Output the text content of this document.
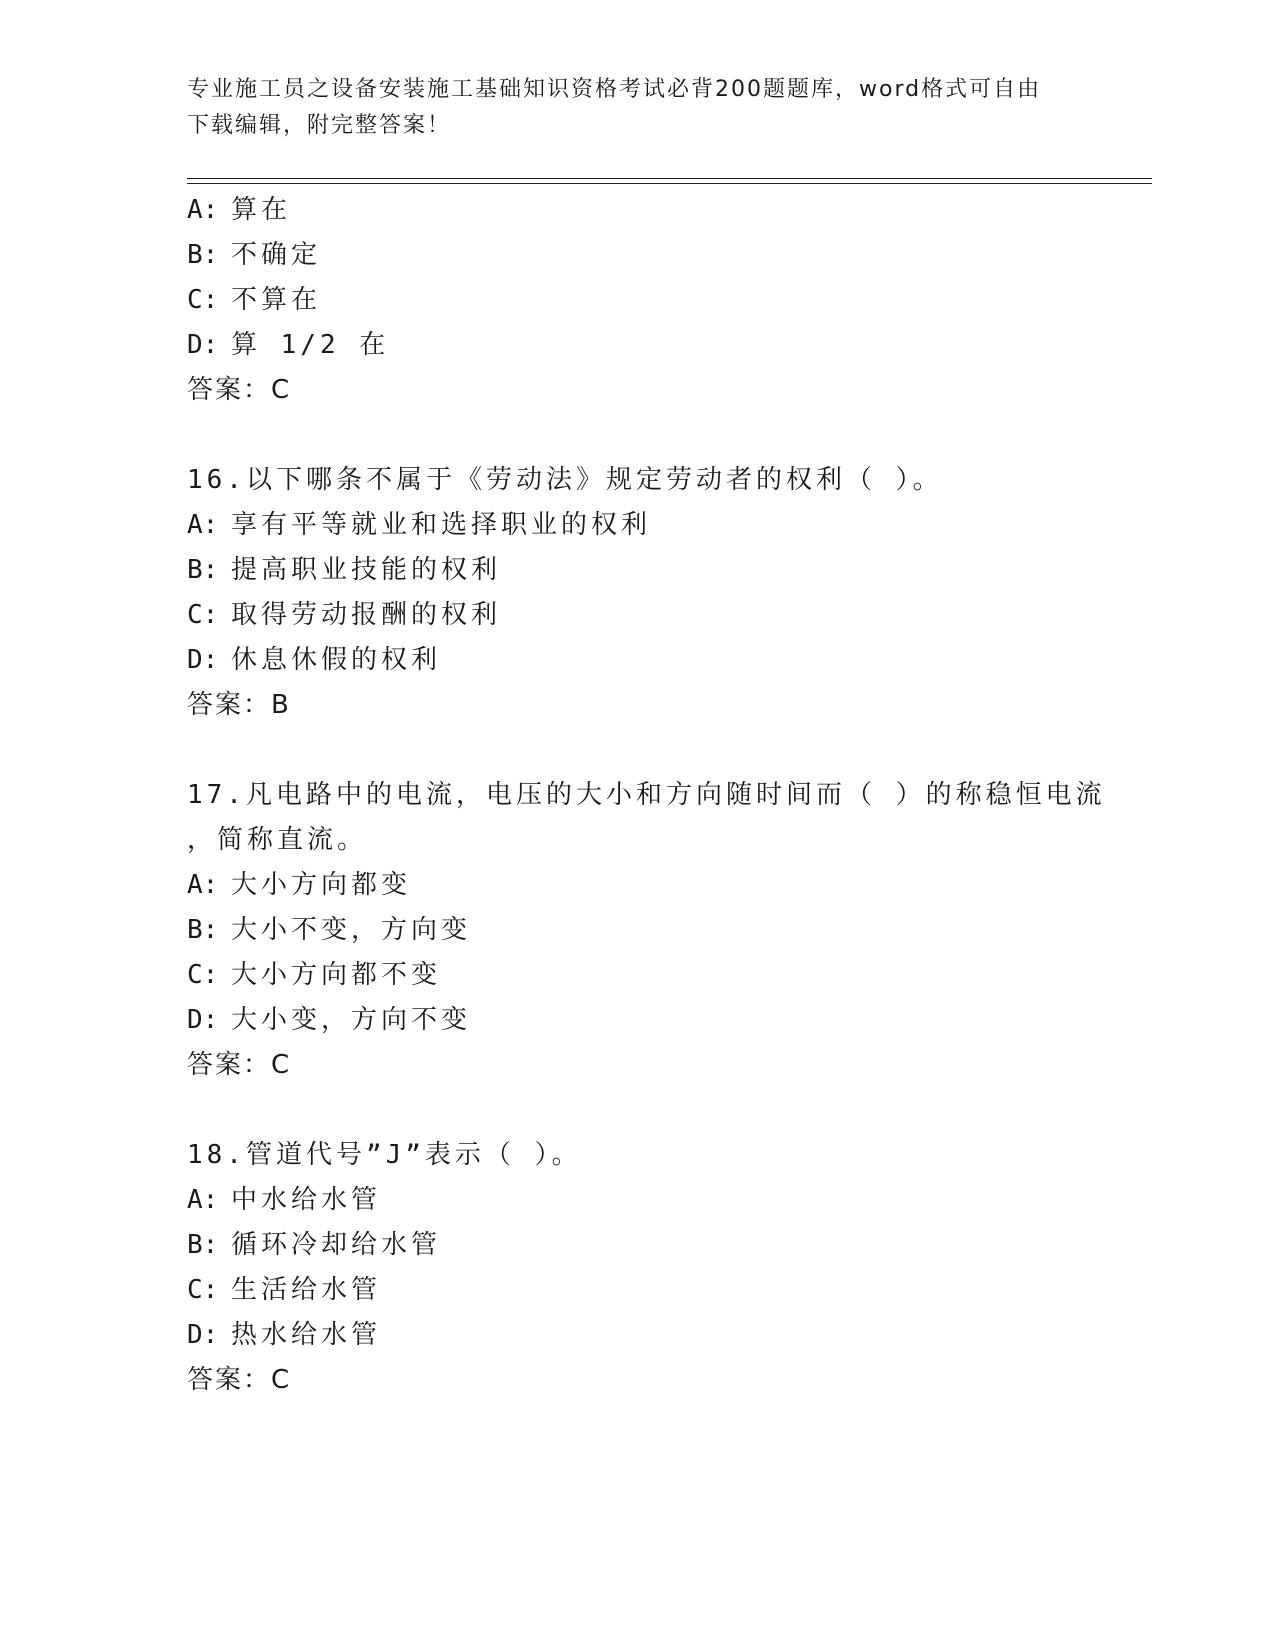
专业施工员之设备安装施工基础知识资格考试必背200题题库，word格式可自由
下载编辑，附完整答案！
A: 算在
B: 不确定
C: 不算在
D: 算 1/2 在
答案：C
16.以下哪条不属于《劳动法》规定劳动者的权利（ ）。
A: 享有平等就业和选择职业的权利
B: 提高职业技能的权利
C: 取得劳动报酬的权利
D: 休息休假的权利
答案：B
17.凡电路中的电流，电压的大小和方向随时间而（ ）的称稳恒电流
，简称直流。
A: 大小方向都变
B: 大小不变，方向变
C: 大小方向都不变
D: 大小变，方向不变
答案：C
18.管道代号”J”表示（ ）。
A: 中水给水管
B: 循环冷却给水管
C: 生活给水管
D: 热水给水管
答案：C
